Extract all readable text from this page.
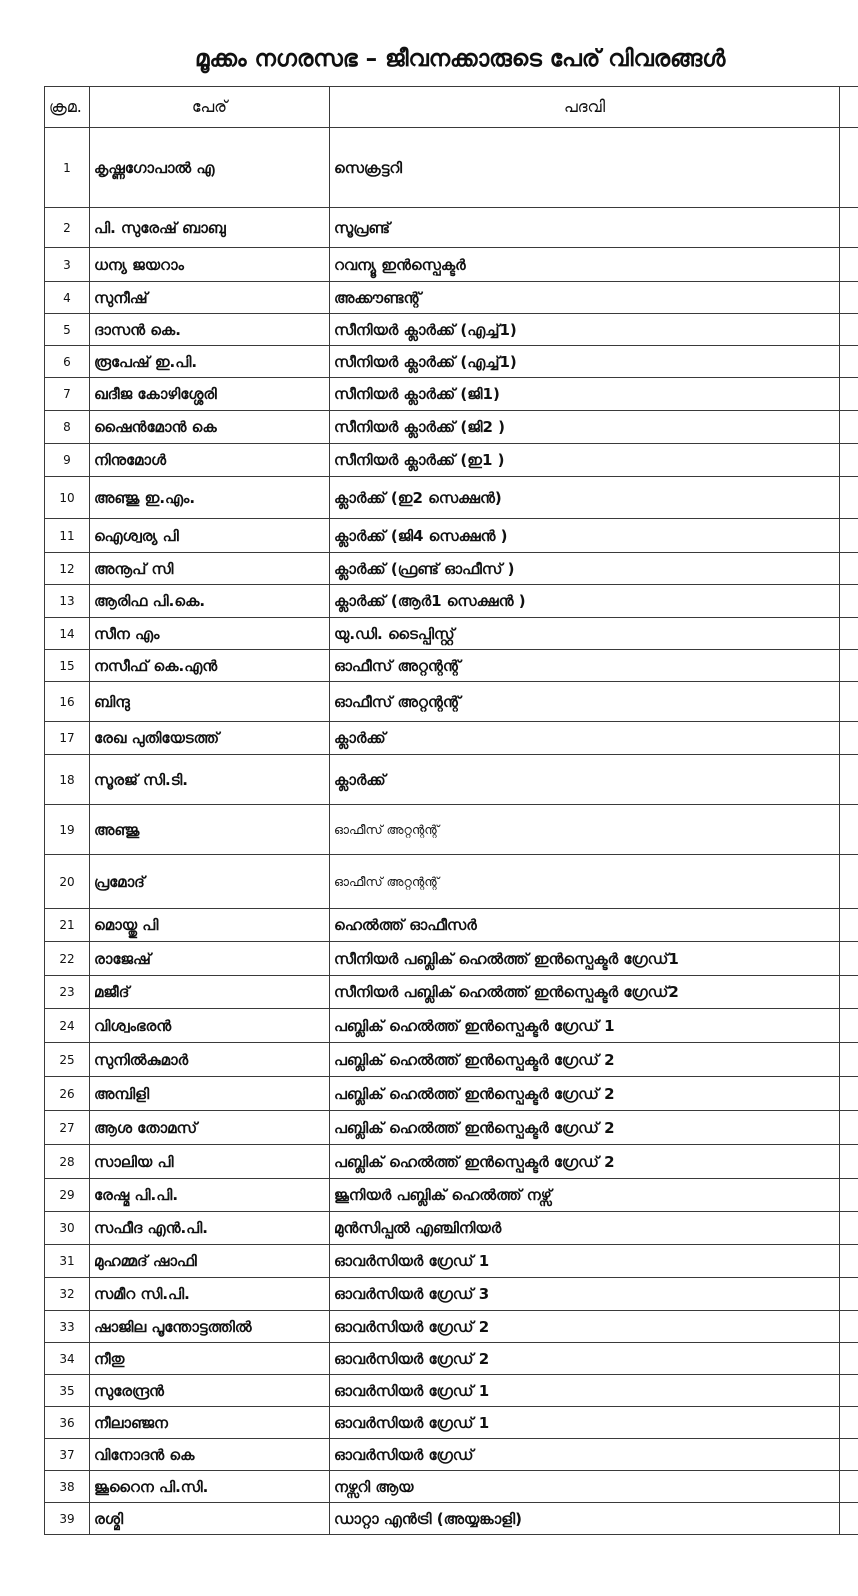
മൂക്കം നഗരസഭ – ജീവനക്കാരുടെ പേര് വിവരങ്ങൾ
ക്രമ.	പേര്	പദവി	
1	കൃഷ്ണഗോപാൽ എ	സെക്രട്ടറി	
2	പി. സുരേഷ് ബാബു	സൂപ്രണ്ട്	
3	ധന്യ ജയറാം	റവന്യൂ ഇൻസ്പെക്ടർ	
4	സുനീഷ്	അക്കൗണ്ടന്റ്	
5	ദാസൻ കെ.	സീനിയർ ക്ലാർക്ക് (എച്ച്1)	
6	രൂപേഷ് ഇ.പി.	സീനിയർ ക്ലാർക്ക് (എച്ച്1)	
7	ഖദീജ കോഴിശ്ശേരി	സീനിയർ ക്ലാർക്ക് (ജി1)	
8	ഷൈൻമോൻ കെ	സീനിയർ ക്ലാർക്ക് (ജി2 )	
9	നിനുമോൾ	സീനിയർ ക്ലാർക്ക് (ഇ1 )	
10	അഞ്ജു ഇ.എം.	ക്ലാർക്ക് (ഇ2 സെക്ഷൻ)	
11	ഐശ്വര്യ പി	ക്ലാർക്ക് (ജി4 സെക്ഷൻ )	
12	അനൂപ് സി	ക്ലാർക്ക് (ഫ്രണ്ട് ഓഫീസ് )	
13	ആരിഫ പി.കെ.	ക്ലാർക്ക് (ആർ1 സെക്ഷൻ )	
14	സീന എം	യു.ഡി. ടൈപ്പിസ്റ്റ്	
15	നസീഫ് കെ.എൻ	ഓഫീസ് അറ്റന്റന്റ്	
16	ബിന്ദു	ഓഫീസ് അറ്റന്റന്റ്	
17	രേഖ പുതിയേടത്ത്	ക്ലാർക്ക്	
18	സൂരജ് സി.ടി.	ക്ലാർക്ക്	
19	അഞ്ജു	ഓഫീസ് അറ്റന്റന്റ്	
20	പ്രമോദ്	ഓഫീസ് അറ്റന്റന്റ്	
21	മൊയ്തു പി	ഹെൽത്ത് ഓഫീസർ	
22	രാജേഷ്	സീനിയർ പബ്ലിക് ഹെൽത്ത് ഇൻസ്പെക്ടർ ഗ്രേഡ്1	
23	മജീദ്	സീനിയർ പബ്ലിക് ഹെൽത്ത് ഇൻസ്പെക്ടർ ഗ്രേഡ്2	
24	വിശ്വംഭരൻ	പബ്ലിക് ഹെൽത്ത് ഇൻസ്പെക്ടർ ഗ്രേഡ് 1	
25	സുനിൽകുമാർ	പബ്ലിക് ഹെൽത്ത് ഇൻസ്പെക്ടർ ഗ്രേഡ് 2	
26	അമ്പിളി	പബ്ലിക് ഹെൽത്ത് ഇൻസ്പെക്ടർ ഗ്രേഡ് 2	
27	ആശ തോമസ്	പബ്ലിക് ഹെൽത്ത് ഇൻസ്പെക്ടർ ഗ്രേഡ് 2	
28	സാലിയ പി	പബ്ലിക് ഹെൽത്ത് ഇൻസ്പെക്ടർ ഗ്രേഡ് 2	
29	രേഷ്മ പി.പി.	ജൂനിയർ പബ്ലിക് ഹെൽത്ത് നഴ്സ്	
30	സഫീദ എൻ.പി.	മുൻസിപ്പൽ എഞ്ചിനിയർ	
31	മുഹമ്മദ് ഷാഫി	ഓവർസിയർ ഗ്രേഡ് 1	
32	സമീറ സി.പി.	ഓവർസിയർ ഗ്രേഡ് 3	
33	ഷാജില പൂന്തോട്ടത്തിൽ	ഓവർസിയർ ഗ്രേഡ് 2	
34	നീതു	ഓവർസിയർ ഗ്രേഡ് 2	
35	സുരേന്ദ്രൻ	ഓവർസിയർ ഗ്രേഡ് 1	
36	നീലാഞ്ജന	ഓവർസിയർ ഗ്രേഡ് 1	
37	വിനോദൻ കെ	ഓവർസിയർ ഗ്രേഡ്	
38	ജൂറൈന പി.സി.	നഴ്സറി ആയ	
39	രശ്മി	ഡാറ്റാ എൻട്രി (അയ്യങ്കാളി)	
